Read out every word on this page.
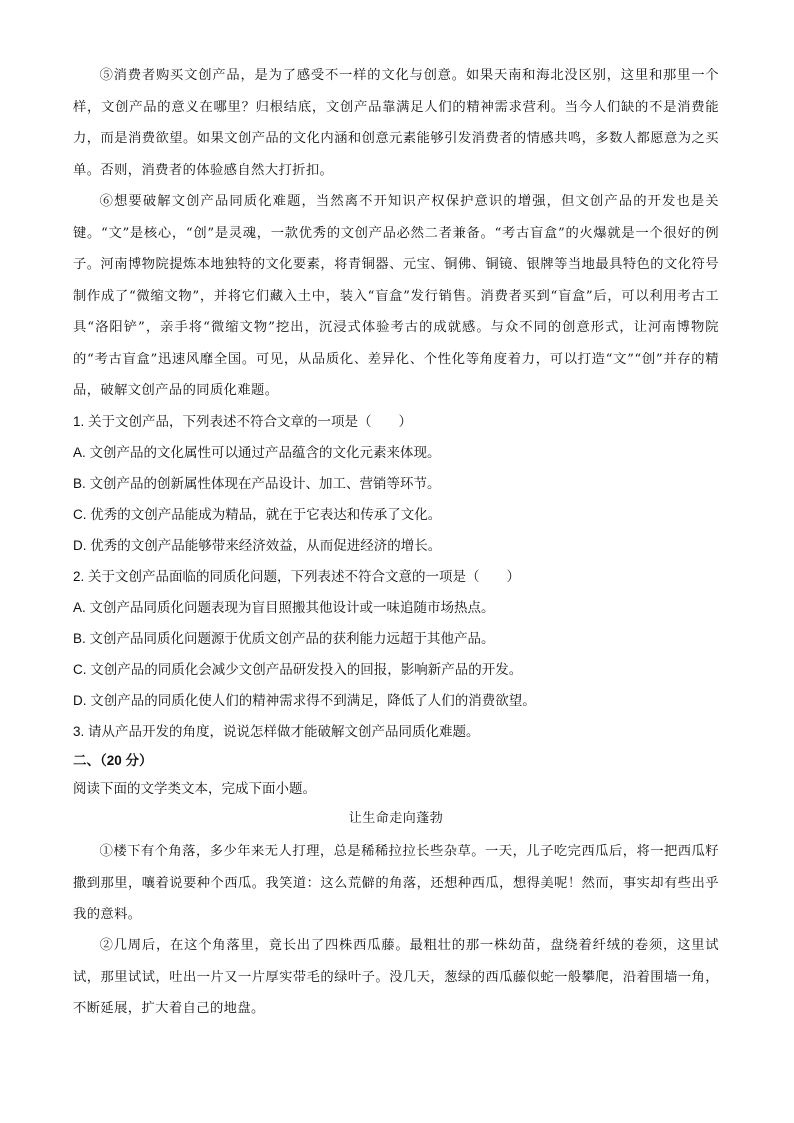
⑤消费者购买文创产品，是为了感受不一样的文化与创意。如果天南和海北没区别，这里和那里一个样，文创产品的意义在哪里？归根结底，文创产品靠满足人们的精神需求营利。当今人们缺的不是消费能力，而是消费欲望。如果文创产品的文化内涵和创意元素能够引发消费者的情感共鸣，多数人都愿意为之买单。否则，消费者的体验感自然大打折扣。

⑥想要破解文创产品同质化难题，当然离不开知识产权保护意识的增强，但文创产品的开发也是关键。“文”是核心，“创”是灵魂，一款优秀的文创产品必然二者兼备。“考古盲盒”的火爆就是一个很好的例子。河南博物院提炼本地独特的文化要素，将青铜器、元宝、铜佛、铜镜、银牌等当地最具特色的文化符号制作成了“微缩文物”，并将它们藏入土中，装入“盲盒”发行销售。消费者买到“盲盒”后，可以利用考古工具“洛阳铲”，亲手将“微缩文物”挖出，沉浸式体验考古的成就感。与众不同的创意形式，让河南博物院的“考古盲盒”迅速风靡全国。可见，从品质化、差异化、个性化等角度着力，可以打造“文”“创”并存的精品，破解文创产品的同质化难题。

1. 关于文创产品，下列表述不符合文章的一项是（　　）

A. 文创产品的文化属性可以通过产品蕴含的文化元素来体现。

B. 文创产品的创新属性体现在产品设计、加工、营销等环节。

C. 优秀的文创产品能成为精品，就在于它表达和传承了文化。

D. 优秀的文创产品能够带来经济效益，从而促进经济的增长。

2. 关于文创产品面临的同质化问题，下列表述不符合文意的一项是（　　）

A. 文创产品同质化问题表现为盲目照搬其他设计或一味追随市场热点。

B. 文创产品同质化问题源于优质文创产品的获利能力远超于其他产品。

C. 文创产品的同质化会减少文创产品研发投入的回报，影响新产品的开发。

D. 文创产品的同质化使人们的精神需求得不到满足，降低了人们的消费欲望。

3. 请从产品开发的角度，说说怎样做才能破解文创产品同质化难题。

二、（20 分）

阅读下面的文学类文本，完成下面小题。

让生命走向蓬勃

①楼下有个角落，多少年来无人打理，总是稀稀拉拉长些杂草。一天，儿子吃完西瓜后，将一把西瓜籽撒到那里，嚷着说要种个西瓜。我笑道：这么荒僻的角落，还想种西瓜，想得美呢！然而，事实却有些出乎我的意料。

②几周后，在这个角落里，竟长出了四株西瓜藤。最粗壮的那一株幼苗，盘绕着纤绒的卷须，这里试试，那里试试，吐出一片又一片厚实带毛的绿叶子。没几天，葱绿的西瓜藤似蛇一般攀爬，沿着围墙一角，不断延展，扩大着自己的地盘。
